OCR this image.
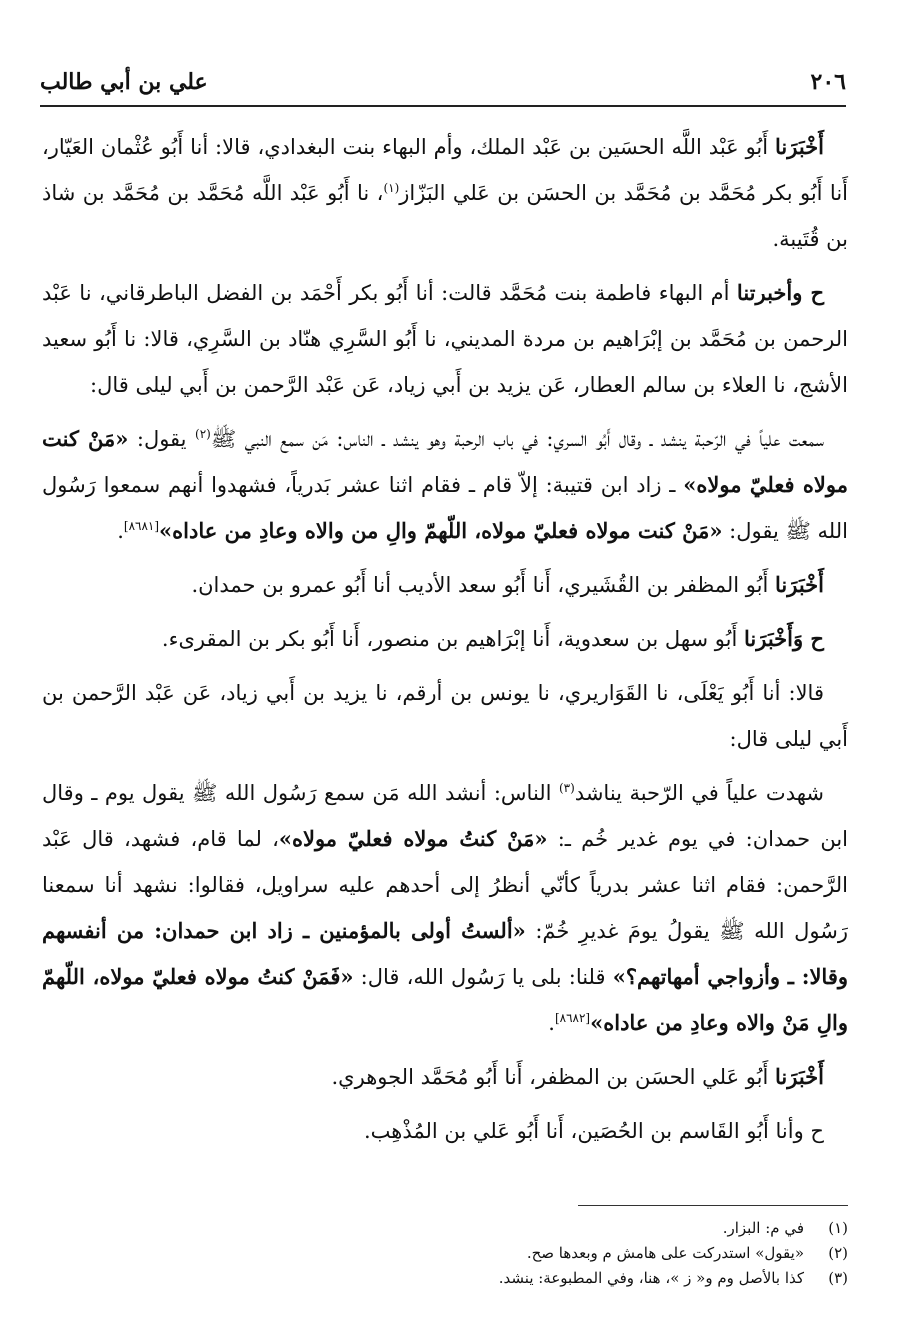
٢٠٦
علي بن أبي طالب

أَخْبَرَنا أَبُو عَبْد اللَّه الحسَين بن عَبْد الملك، وأم البهاء بنت البغدادي، قالا: أنا أَبُو عُثْمان العَيّار، أَنا أَبُو بكر مُحَمَّد بن مُحَمَّد بن الحسَن بن عَلي البَزّاز$^{(١)}$، نا أَبُو عَبْد اللَّه مُحَمَّد بن مُحَمَّد بن شاذ بن قُتَيبة.

ح وأخبرتنا أم البهاء فاطمة بنت مُحَمَّد قالت: أنا أَبُو بكر أَحْمَد بن الفضل الباطرقاني، نا عَبْد الرحمن بن مُحَمَّد بن إبْرَاهيم بن مردة المديني، نا أَبُو السَّرِي هنّاد بن السَّرِي، قالا: نا أَبُو سعيد الأشج، نا العلاء بن سالم العطار، عَن يزيد بن أَبي زياد، عَن عَبْد الرَّحمن بن أَبي ليلى قال:

سمعت علياً في الرّحبة ينشد ـ وقال أَبُو السري: في باب الرحبة وهو ينشد ـ الناس: مَن سمع النبي ﷺ$^{(٢)}$ يقول: «مَنْ كنت مولاه فعليّ مولاه» ـ زاد ابن قتيبة: إلاّ قام ـ فقام اثنا عشر بَدرياً، فشهدوا أنهم سمعوا رَسُول الله ﷺ يقول: «مَنْ كنت مولاه فعليّ مولاه، اللّهمّ والِ من والاه وعادِ من عاداه»[٨٦٨١].

أَخْبَرَنا أَبُو المظفر بن القُشَيري، أَنا أَبُو سعد الأديب أنا أَبُو عمرو بن حمدان.

ح وَأَخْبَرَنا أَبُو سهل بن سعدوية، أَنا إبْرَاهيم بن منصور، أَنا أَبُو بكر بن المقرىء.

قالا: أنا أَبُو يَعْلَى، نا القَوَاريري، نا يونس بن أرقم، نا يزيد بن أَبي زياد، عَن عَبْد الرَّحمن بن أَبي ليلى قال:

شهدت علياً في الرّحبة يناشد$^{(٣)}$ الناس: أنشد الله مَن سمع رَسُول الله ﷺ يقول يوم ـ وقال ابن حمدان: في يوم غدير خُم ـ: «مَنْ كنتُ مولاه فعليّ مولاه»، لما قام، فشهد، قال عَبْد الرَّحمن: فقام اثنا عشر بدرياً كأنّي أنظرُ إلى أحدهم عليه سراويل، فقالوا: نشهد أنا سمعنا رَسُول الله ﷺ يقولُ يومَ غديرِ خُمّ: «ألستُ أولى بالمؤمنين ـ زاد ابن حمدان: من أنفسهم وقالا: ـ وأزواجي أمهاتهم؟» قلنا: بلى يا رَسُول الله، قال: «فَمَنْ كنتُ مولاه فعليّ مولاه، اللّهمّ والِ مَنْ والاه وعادِ من عاداه»[٨٦٨٢].

أَخْبَرَنا أَبُو عَلي الحسَن بن المظفر، أَنا أَبُو مُحَمَّد الجوهري.

ح وأنا أَبُو القَاسم بن الحُصَين، أَنا أَبُو عَلي بن المُذْهِب.

(١)
في م: البزار.
(٢)
«يقول» استدركت على هامش م وبعدها صح.
(٣)
كذا بالأصل وم و« ز »، هنا، وفي المطبوعة: ينشد.
